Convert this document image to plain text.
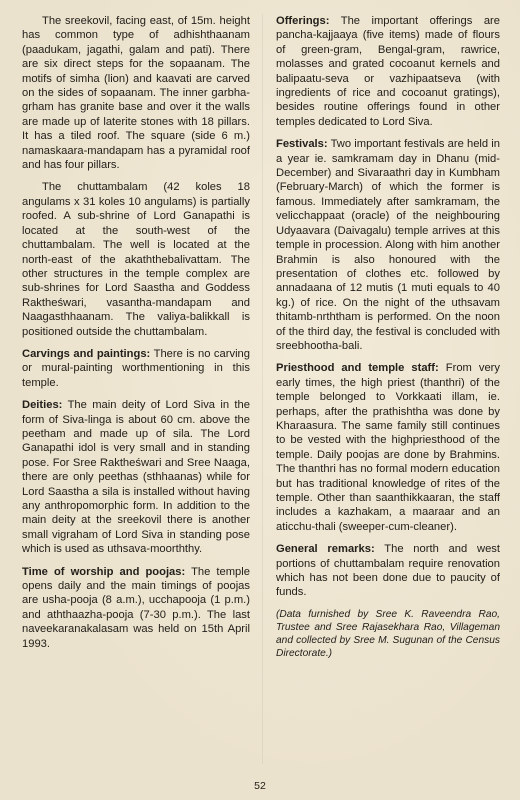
The sreekovil, facing east, of 15m. height has common type of adhishthaanam (paadukam, jagathi, galam and pati). There are six direct steps for the sopaanam. The motifs of simha (lion) and kaavati are carved on the sides of sopaanam. The inner garbha-grham has granite base and over it the walls are made up of laterite stones with 18 pillars. It has a tiled roof. The square (side 6 m.) namaskaara-mandapam has a pyramidal roof and has four pillars.

The chuttambalam (42 koles 18 angulams x 31 koles 10 angulams) is partially roofed. A sub-shrine of Lord Ganapathi is located at the south-west of the chuttambalam. The well is located at the north-east of the akaththebalivattam. The other structures in the temple complex are sub-shrines for Lord Saastha and Goddess Raktheśwari, vasantha-mandapam and Naagasthhaanam. The valiya-balikkall is positioned outside the chuttambalam.

Carvings and paintings: There is no carving or mural-painting worthmentioning in this temple.

Deities: The main deity of Lord Siva in the form of Siva-linga is about 60 cm. above the peetham and made up of sila. The Lord Ganapathi idol is very small and in standing pose. For Sree Raktheśwari and Sree Naaga, there are only peethas (sthhaanas) while for Lord Saastha a sila is installed without having any anthropomorphic form. In addition to the main deity at the sreekovil there is another small vigraham of Lord Siva in standing pose which is used as uthsava-moorththy.

Time of worship and poojas: The temple opens daily and the main timings of poojas are usha-pooja (8 a.m.), ucchapooja (1 p.m.) and aththaazha-pooja (7-30 p.m.). The last naveekaranakalasam was held on 15th April 1993.

Offerings: The important offerings are pancha-kajjaaya (five items) made of flours of green-gram, Bengal-gram, rawrice, molasses and grated cocoanut kernels and balipaatu-seva or vazhipaatseva (with ingredients of rice and cocoanut gratings), besides routine offerings found in other temples dedicated to Lord Siva.

Festivals: Two important festivals are held in a year ie. samkramam day in Dhanu (mid-December) and Sivaraathri day in Kumbham (February-March) of which the former is famous. Immediately after samkramam, the velicchappaat (oracle) of the neighbouring Udyaavara (Daivagalu) temple arrives at this temple in procession. Along with him another Brahmin is also honoured with the presentation of clothes etc. followed by annadaana of 12 mutis (1 muti equals to 40 kg.) of rice. On the night of the uthsavam thitamb-nrththam is performed. On the noon of the third day, the festival is concluded with sreebhootha-bali.

Priesthood and temple staff: From very early times, the high priest (thanthri) of the temple belonged to Vorkkaati illam, ie. perhaps, after the prathishtha was done by Kharaasura. The same family still continues to be vested with the highpriesthood of the temple. Daily poojas are done by Brahmins. The thanthri has no formal modern education but has traditional knowledge of rites of the temple. Other than saanthikkaaran, the staff includes a kazhakam, a maaraar and an aticchu-thali (sweeper-cum-cleaner).

General remarks: The north and west portions of chuttambalam require renovation which has not been done due to paucity of funds.

(Data furnished by Sree K. Raveendra Rao, Trustee and Sree Rajasekhara Rao, Villageman and collected by Sree M. Sugunan of the Census Directorate.)

52
